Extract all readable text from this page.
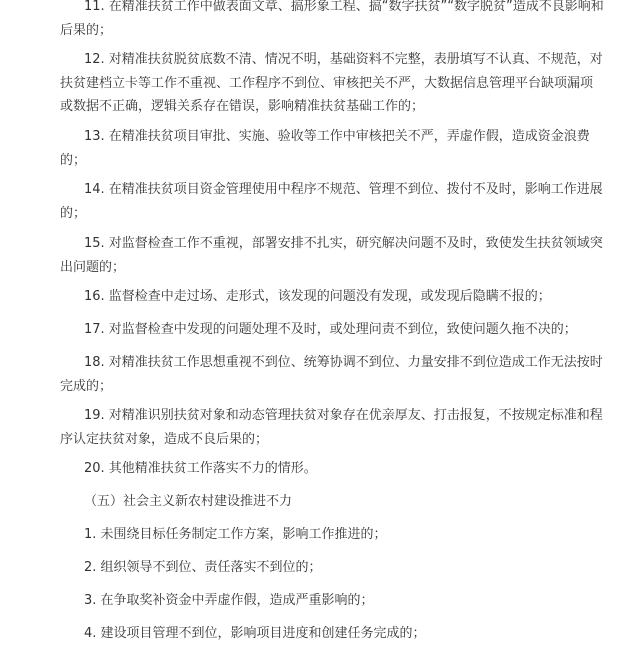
11. 在精准扶贫工作中做表面文章、搞形象工程、搞“数字扶贫”“数字脱贫”造成不良影响和后果的；

12. 对精准扶贫脱贫底数不清、情况不明，基础资料不完整，表册填写不认真、不规范，对扶贫建档立卡等工作不重视、工作程序不到位、审核把关不严，大数据信息管理平台缺项漏项或数据不正确，逻辑关系存在错误，影响精准扶贫基础工作的；

13. 在精准扶贫项目审批、实施、验收等工作中审核把关不严，弄虚作假，造成资金浪费的；

14. 在精准扶贫项目资金管理使用中程序不规范、管理不到位、拨付不及时，影响工作进展的；

15. 对监督检查工作不重视，部署安排不扎实，研究解决问题不及时，致使发生扶贫领域突出问题的；

16. 监督检查中走过场、走形式，该发现的问题没有发现，或发现后隐瞒不报的；

17. 对监督检查中发现的问题处理不及时，或处理问责不到位，致使问题久拖不决的；

18. 对精准扶贫工作思想重视不到位、统筹协调不到位、力量安排不到位造成工作无法按时完成的；

19. 对精准识别扶贫对象和动态管理扶贫对象存在优亲厚友、打击报复，不按规定标准和程序认定扶贫对象，造成不良后果的；

20. 其他精准扶贫工作落实不力的情形。

（五）社会主义新农村建设推进不力

1. 未围绕目标任务制定工作方案，影响工作推进的；

2. 组织领导不到位、责任落实不到位的；

3. 在争取奖补资金中弄虚作假，造成严重影响的；

4. 建设项目管理不到位，影响项目进度和创建任务完成的；
